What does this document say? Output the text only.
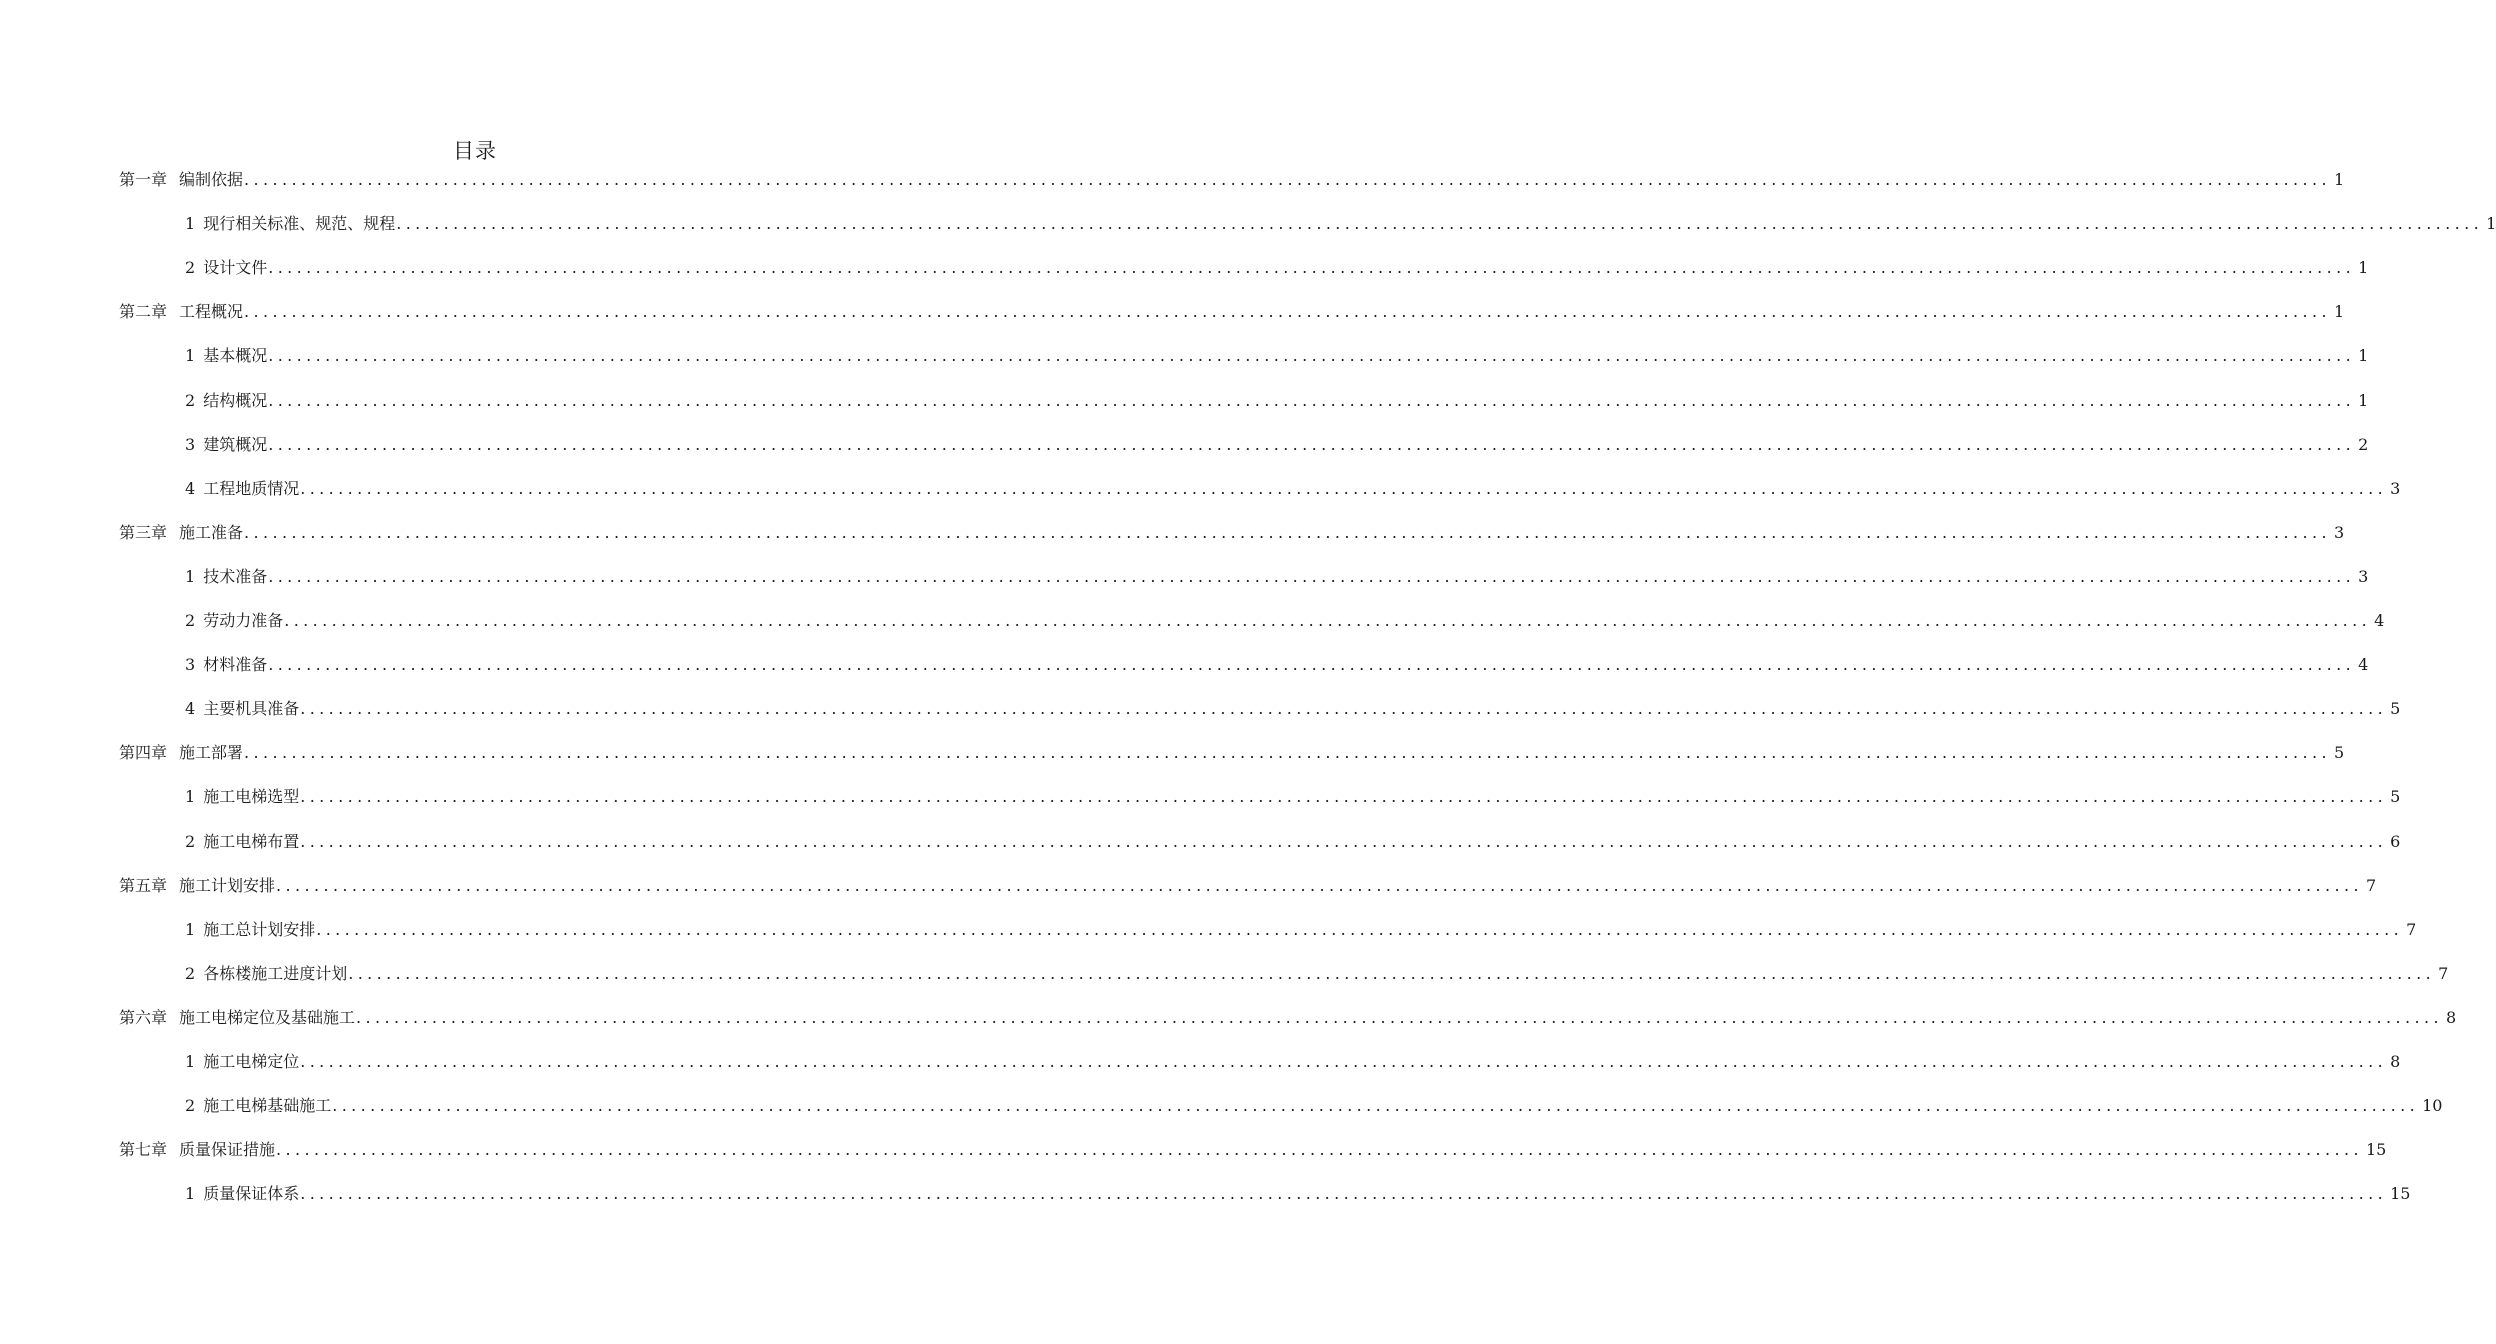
目录
第一章 编制依据 ............................................................................................................................................................................................................................ 1
1 现行相关标准、规范、规程 ............................................................................................................................................................................................................................ 1
2 设计文件 ............................................................................................................................................................................................................................ 1
第二章 工程概况 ............................................................................................................................................................................................................................ 1
1 基本概况 ............................................................................................................................................................................................................................ 1
2 结构概况 ............................................................................................................................................................................................................................ 1
3 建筑概况 ............................................................................................................................................................................................................................ 2
4 工程地质情况 ............................................................................................................................................................................................................................ 3
第三章 施工准备 ............................................................................................................................................................................................................................ 3
1 技术准备 ............................................................................................................................................................................................................................ 3
2 劳动力准备 ............................................................................................................................................................................................................................ 4
3 材料准备 ............................................................................................................................................................................................................................ 4
4 主要机具准备 ............................................................................................................................................................................................................................ 5
第四章 施工部署 ............................................................................................................................................................................................................................ 5
1 施工电梯选型 ............................................................................................................................................................................................................................ 5
2 施工电梯布置 ............................................................................................................................................................................................................................ 6
第五章 施工计划安排 ............................................................................................................................................................................................................................ 7
1 施工总计划安排 ............................................................................................................................................................................................................................ 7
2 各栋楼施工进度计划 ............................................................................................................................................................................................................................ 7
第六章 施工电梯定位及基础施工 ............................................................................................................................................................................................................................ 8
1 施工电梯定位 ............................................................................................................................................................................................................................ 8
2 施工电梯基础施工 ............................................................................................................................................................................................................................ 10
第七章 质量保证措施 ............................................................................................................................................................................................................................ 15
1 质量保证体系 ............................................................................................................................................................................................................................ 15
